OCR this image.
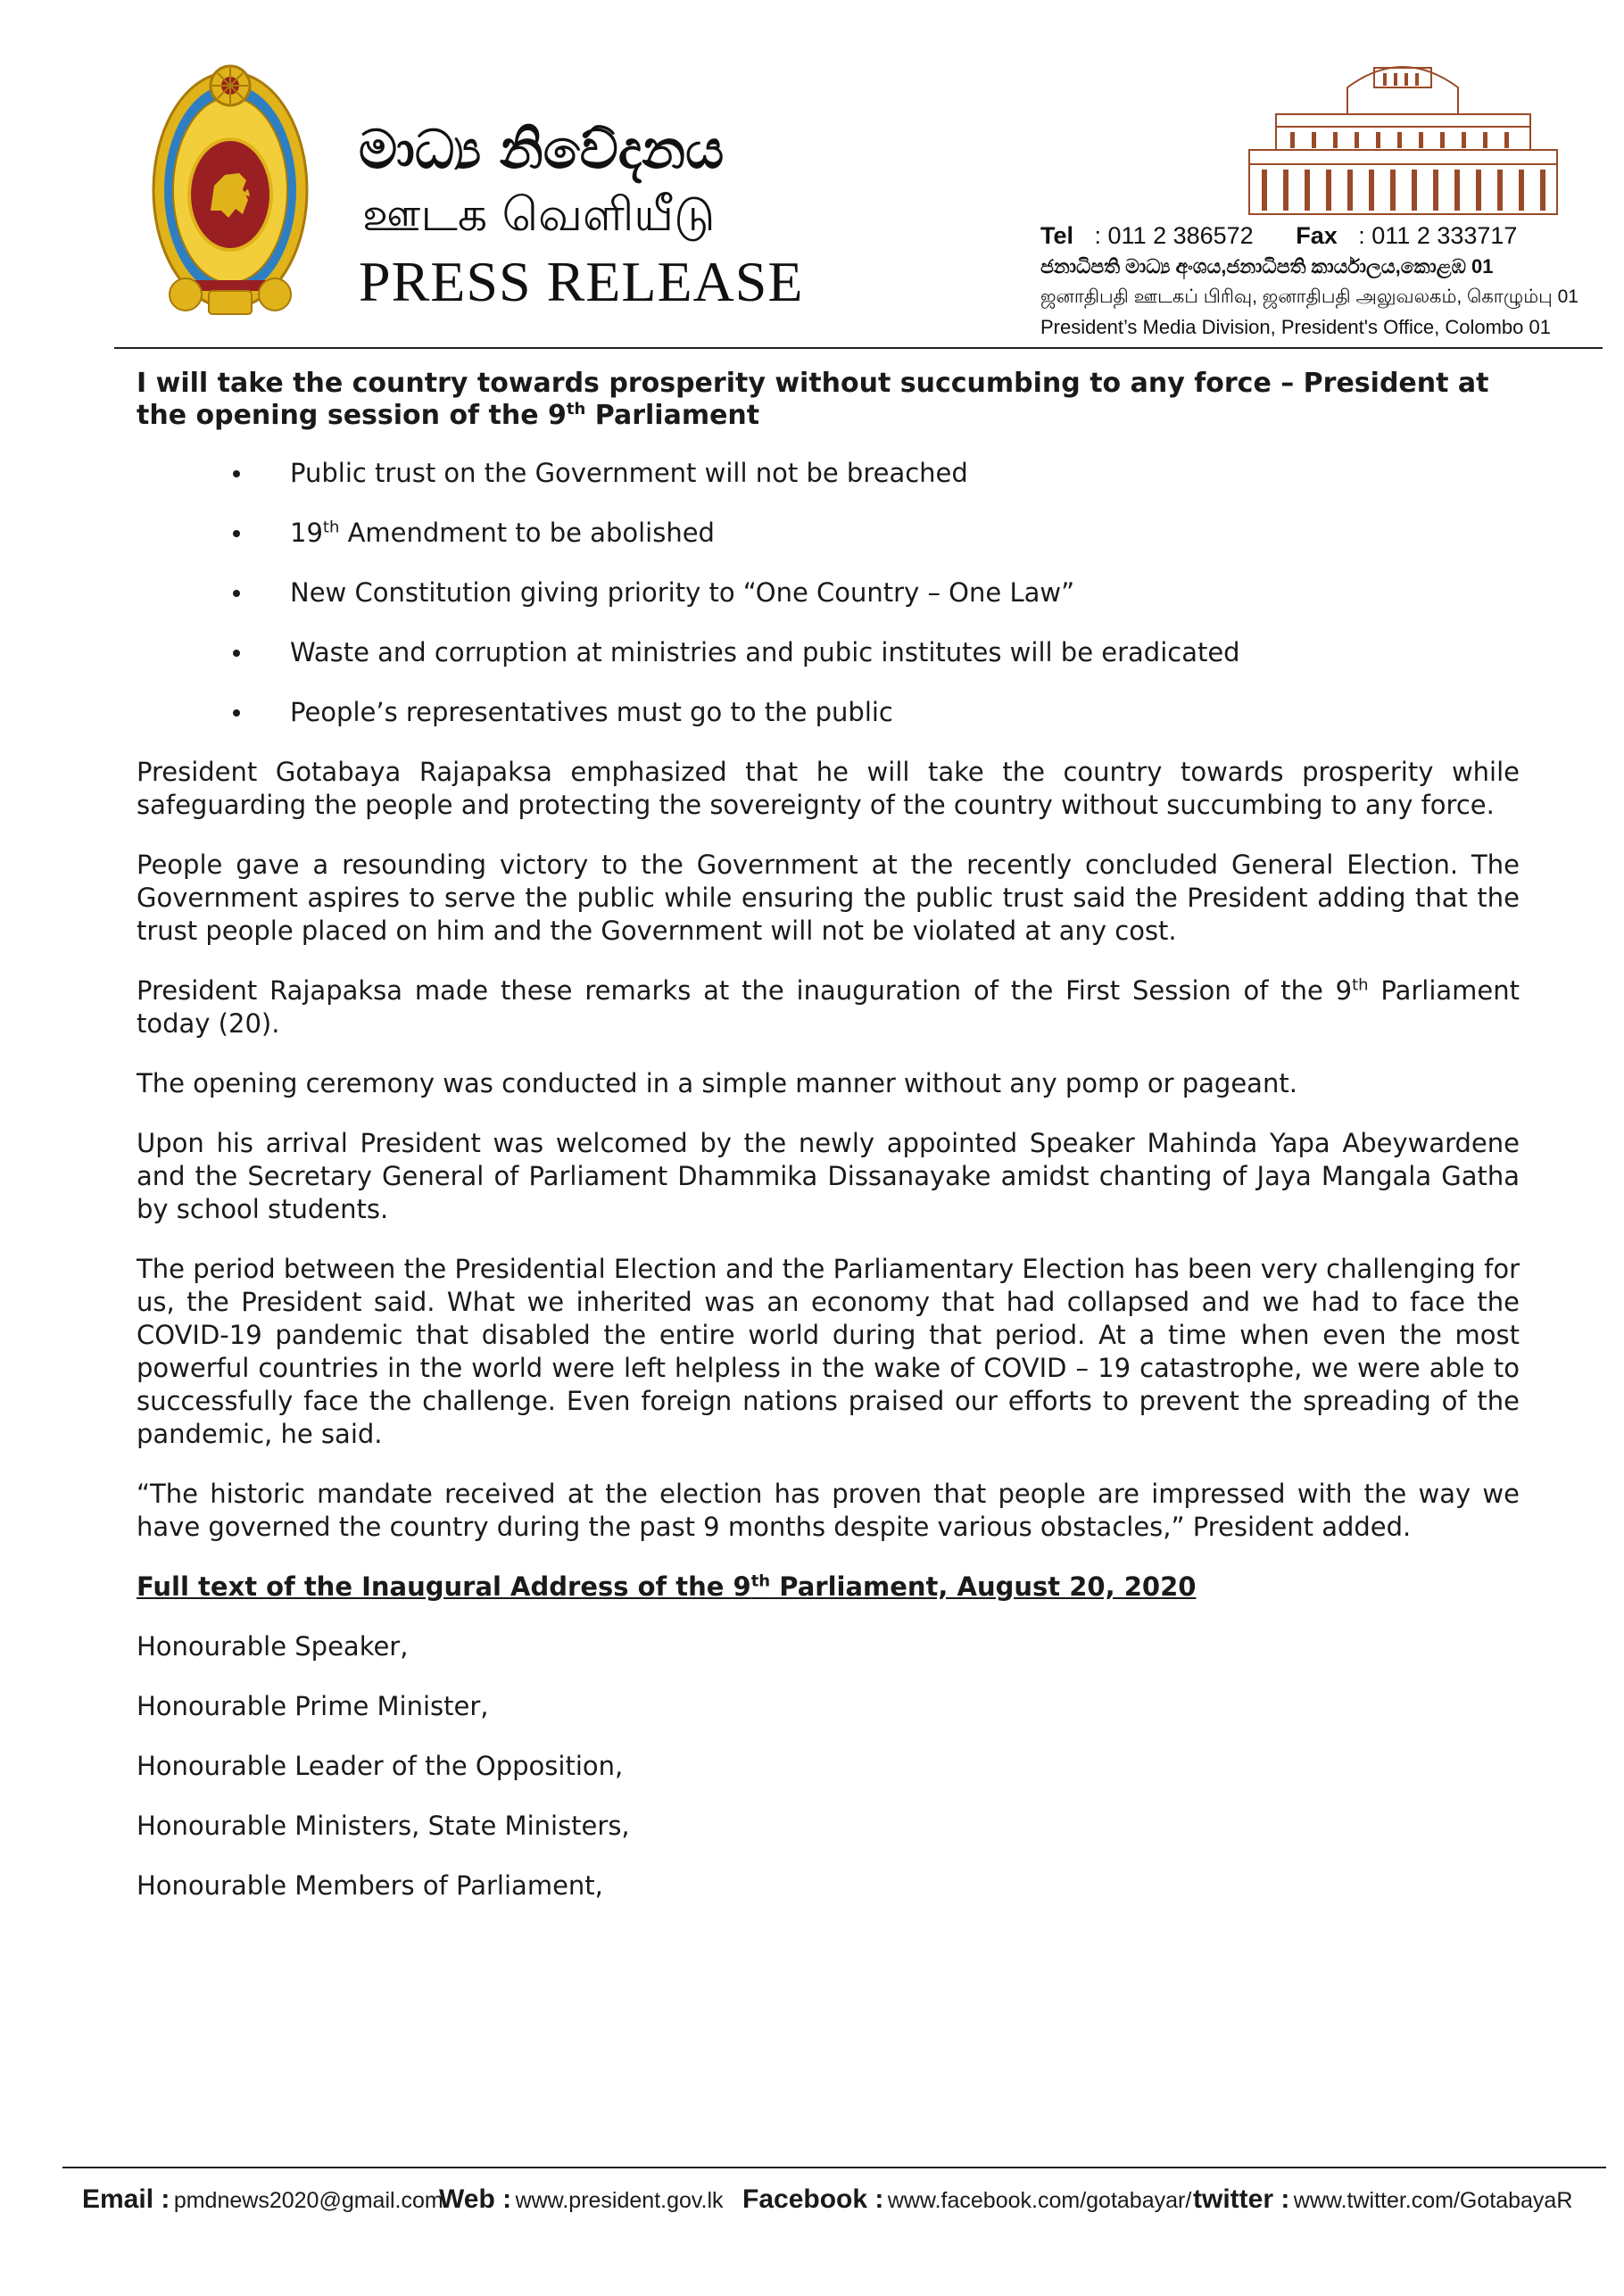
මාධ්‍ය නිවේදනය
ஊடக வெளியீடு
PRESS RELEASE
Tel : 011 2 386572 Fax : 011 2 333717
ජනාධිපති මාධ්‍ය අංශය,ජනාධිපති කාර්යාලය,කොළඹ 01
ஜனாதிபதி ஊடகப் பிரிவு, ஜனாதிபதி அலுவலகம், கொழும்பு 01
President’s Media Division, President's Office, Colombo 01
I will take the country towards prosperity without succumbing to any force – President at the opening session of the 9th Parliament
Public trust on the Government will not be breached
19th Amendment to be abolished
New Constitution giving priority to “One Country – One Law”
Waste and corruption at ministries and pubic institutes will be eradicated
People’s representatives must go to the public

President Gotabaya Rajapaksa emphasized that he will take the country towards prosperity while safeguarding the people and protecting the sovereignty of the country without succumbing to any force.

People gave a resounding victory to the Government at the recently concluded General Election. The Government aspires to serve the public while ensuring the public trust said the President adding that the trust people placed on him and the Government will not be violated at any cost.

President Rajapaksa made these remarks at the inauguration of the First Session of the 9th Parliament today (20).

The opening ceremony was conducted in a simple manner without any pomp or pageant.

Upon his arrival President was welcomed by the newly appointed Speaker Mahinda Yapa Abeywardene and the Secretary General of Parliament Dhammika Dissanayake amidst chanting of Jaya Mangala Gatha by school students.

The period between the Presidential Election and the Parliamentary Election has been very challenging for us, the President said. What we inherited was an economy that had collapsed and we had to face the COVID-19 pandemic that disabled the entire world during that period. At a time when even the most powerful countries in the world were left helpless in the wake of COVID – 19 catastrophe, we were able to successfully face the challenge. Even foreign nations praised our efforts to prevent the spreading of the pandemic, he said.

“The historic mandate received at the election has proven that people are impressed with the way we have governed the country during the past 9 months despite various obstacles,” President added.

Full text of the Inaugural Address of the 9th Parliament, August 20, 2020

Honourable Speaker,

Honourable Prime Minister,

Honourable Leader of the Opposition,

Honourable Ministers, State Ministers,

Honourable Members of Parliament,

Email : pmdnews2020@gmail.com
Web : www.president.gov.lk Facebook : www.facebook.com/gotabayar/ twitter : www.twitter.com/GotabayaR
